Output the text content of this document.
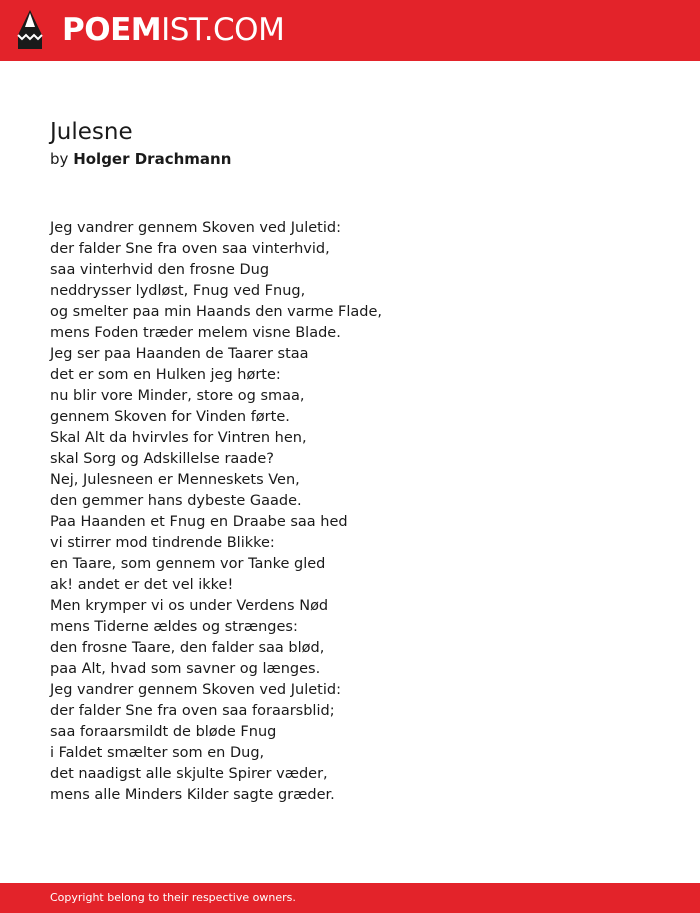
POEMIST.COM
Julesne
by Holger Drachmann
Jeg vandrer gennem Skoven ved Juletid:
der falder Sne fra oven saa vinterhvid,
saa vinterhvid den frosne Dug
neddrysser lydløst, Fnug ved Fnug,
og smelter paa min Haands den varme Flade,
mens Foden træder melem visne Blade.
Jeg ser paa Haanden de Taarer staa
det er som en Hulken jeg hørte:
nu blir vore Minder, store og smaa,
gennem Skoven for Vinden førte.
Skal Alt da hvirvles for Vintren hen,
skal Sorg og Adskillelse raade?
Nej, Julesneen er Menneskets Ven,
den gemmer hans dybeste Gaade.
Paa Haanden et Fnug en Draabe saa hed
vi stirrer mod tindrende Blikke:
en Taare, som gennem vor Tanke gled
ak! andet er det vel ikke!
Men krymper vi os under Verdens Nød
mens Tiderne ældes og strænges:
den frosne Taare, den falder saa blød,
paa Alt, hvad som savner og længes.
Jeg vandrer gennem Skoven ved Juletid:
der falder Sne fra oven saa foraarsblid;
saa foraarsmildt de bløde Fnug
i Faldet smælter som en Dug,
det naadigst alle skjulte Spirer væder,
mens alle Minders Kilder sagte græder.
Copyright belong to their respective owners.
